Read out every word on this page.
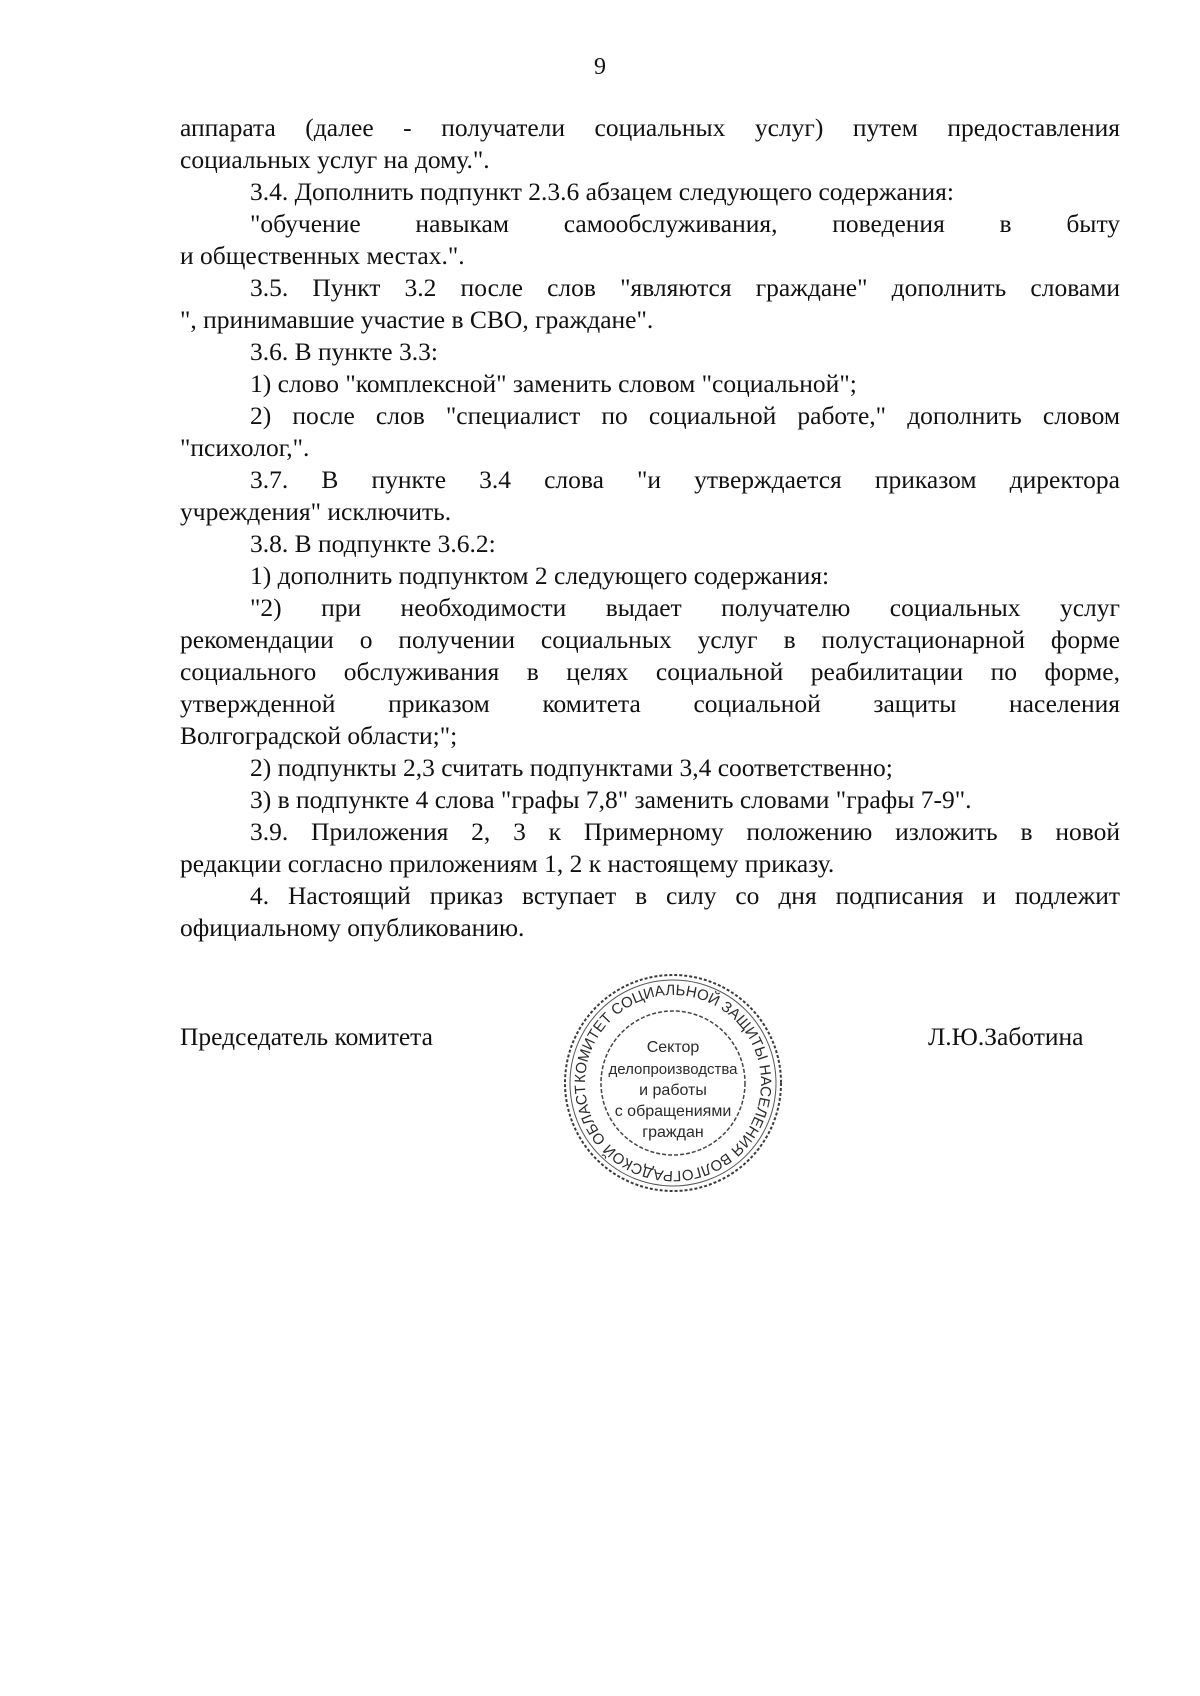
9
аппарата (далее - получатели социальных услуг) путем предоставления
социальных услуг на дому.".
3.4. Дополнить подпункт 2.3.6 абзацем следующего содержания:
"обучение навыкам самообслуживания, поведения в быту
и общественных местах.".
3.5. Пункт 3.2 после слов "являются граждане" дополнить словами
", принимавшие участие в СВО, граждане".
3.6. В пункте 3.3:
1) слово "комплексной" заменить словом "социальной";
2) после слов "специалист по социальной работе," дополнить словом
"психолог,".
3.7. В пункте 3.4 слова "и утверждается приказом директора
учреждения" исключить.
3.8. В подпункте 3.6.2:
1) дополнить подпунктом 2 следующего содержания:
"2) при необходимости выдает получателю социальных услуг
рекомендации о получении социальных услуг в полустационарной форме
социального обслуживания в целях социальной реабилитации по форме,
утвержденной приказом комитета социальной защиты населения
Волгоградской области;";
2) подпункты 2,3 считать подпунктами 3,4 соответственно;
3) в подпункте 4 слова "графы 7,8" заменить словами "графы 7-9".
3.9. Приложения 2, 3 к Примерному положению изложить в новой
редакции согласно приложениям 1, 2 к настоящему приказу.
4. Настоящий приказ вступает в силу со дня подписания и подлежит
официальному опубликованию.
Председатель комитета
КОМИТЕТ СОЦИАЛЬНОЙ ЗАЩИТЫ НАСЕЛЕНИЯ ВОЛГОГРАДСКОЙ ОБЛАСТ
Сектор
делопроизводства
и работы
с обращениями
граждан
Л.Ю.Заботина
